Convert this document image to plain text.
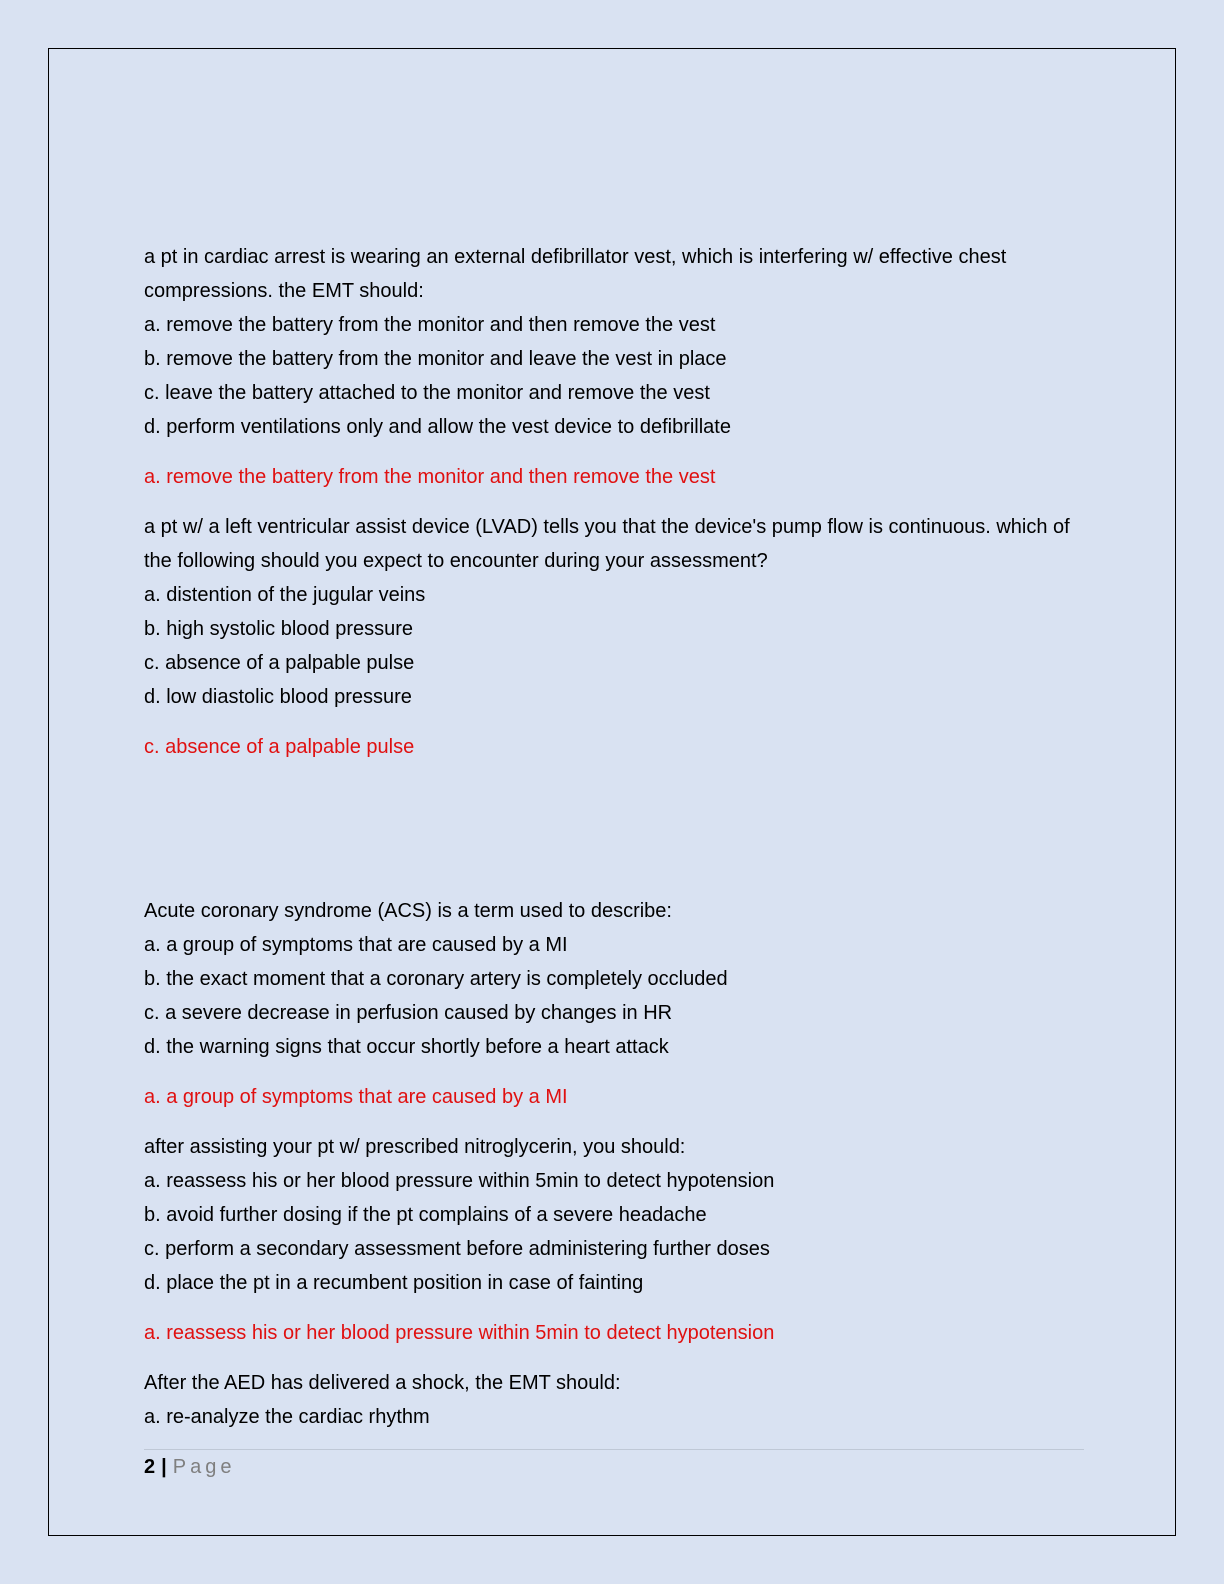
a pt in cardiac arrest is wearing an external defibrillator vest, which is interfering w/ effective chest compressions. the EMT should:
a. remove the battery from the monitor and then remove the vest
b. remove the battery from the monitor and leave the vest in place
c. leave the battery attached to the monitor and remove the vest
d. perform ventilations only and allow the vest device to defibrillate
a. remove the battery from the monitor and then remove the vest
a pt w/ a left ventricular assist device (LVAD) tells you that the device's pump flow is continuous. which of the following should you expect to encounter during your assessment?
a. distention of the jugular veins
b. high systolic blood pressure
c. absence of a palpable pulse
d. low diastolic blood pressure
c. absence of a palpable pulse
Acute coronary syndrome (ACS) is a term used to describe:
a. a group of symptoms that are caused by a MI
b. the exact moment that a coronary artery is completely occluded
c. a severe decrease in perfusion caused by changes in HR
d. the warning signs that occur shortly before a heart attack
a. a group of symptoms that are caused by a MI
after assisting your pt w/ prescribed nitroglycerin, you should:
a. reassess his or her blood pressure within 5min to detect hypotension
b. avoid further dosing if the pt complains of a severe headache
c. perform a secondary assessment before administering further doses
d. place the pt in a recumbent position in case of fainting
a. reassess his or her blood pressure within 5min to detect hypotension
After the AED has delivered a shock, the EMT should:
a. re-analyze the cardiac rhythm
2 | Page
